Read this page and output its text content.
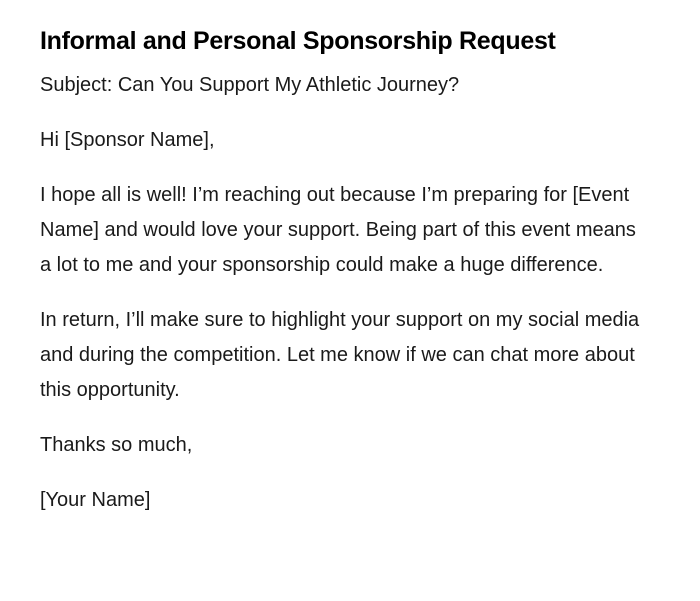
Informal and Personal Sponsorship Request

Subject: Can You Support My Athletic Journey?

Hi [Sponsor Name],

I hope all is well! I’m reaching out because I’m preparing for [Event Name] and would love your support. Being part of this event means a lot to me and your sponsorship could make a huge difference.

In return, I’ll make sure to highlight your support on my social media and during the competition. Let me know if we can chat more about this opportunity.

Thanks so much,

[Your Name]
